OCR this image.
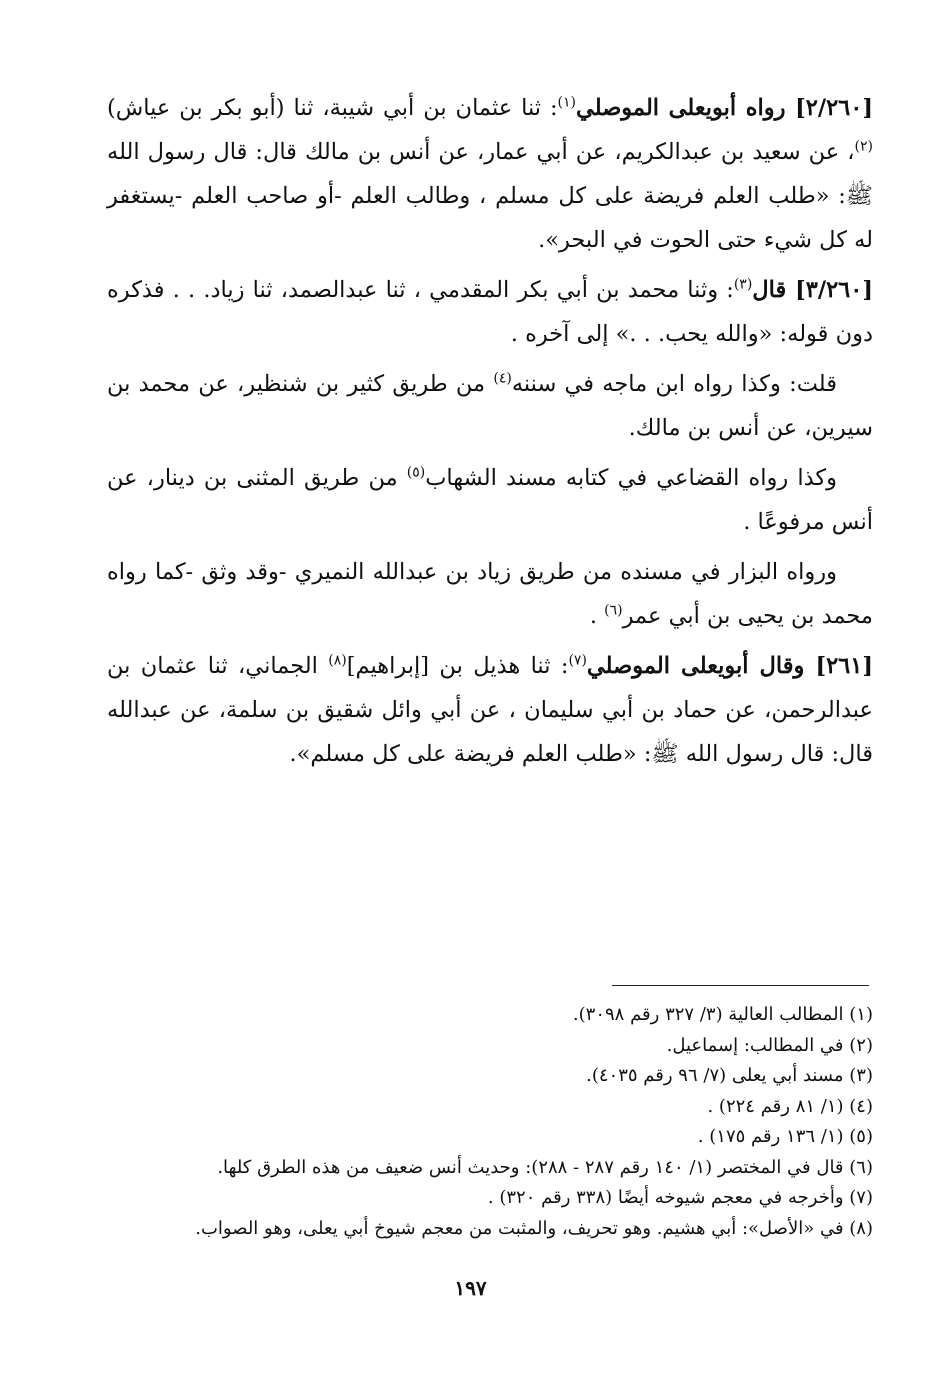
[٢/٢٦٠] رواه أبويعلى الموصلي$^{(١)}$: ثنا عثمان بن أبي شيبة، ثنا (أبو بكر بن عياش)$^{(٢)}$، عن سعيد بن عبدالكريم، عن أبي عمار، عن أنس بن مالك قال: قال رسول الله ﷺ: «طلب العلم فريضة على كل مسلم ، وطالب العلم -أو صاحب العلم -يستغفر له كل شيء حتى الحوت في البحر».

[٣/٢٦٠] قال$^{(٣)}$: وثنا محمد بن أبي بكر المقدمي ، ثنا عبدالصمد، ثنا زياد. . . فذكره دون قوله: «والله يحب. . .» إلى آخره .

قلت: وكذا رواه ابن ماجه في سننه$^{(٤)}$ من طريق كثير بن شنظير، عن محمد بن سيرين، عن أنس بن مالك.

وكذا رواه القضاعي في كتابه مسند الشهاب$^{(٥)}$ من طريق المثنى بن دينار، عن أنس مرفوعًا .

ورواه البزار في مسنده من طريق زياد بن عبدالله النميري -وقد وثق -كما رواه محمد بن يحيى بن أبي عمر$^{(٦)}$ .

[٢٦١] وقال أبويعلى الموصلي$^{(٧)}$: ثنا هذيل بن [إبراهيم]$^{(٨)}$ الجماني، ثنا عثمان بن عبدالرحمن، عن حماد بن أبي سليمان ، عن أبي وائل شقيق بن سلمة، عن عبدالله قال: قال رسول الله ﷺ: «طلب العلم فريضة على كل مسلم».

(١) المطالب العالية (٣/ ٣٢٧ رقم ٣٠٩٨).

(٢) في المطالب: إسماعيل.

(٣) مسند أبي يعلى (٧/ ٩٦ رقم ٤٠٣٥).

(٤) (١/ ٨١ رقم ٢٢٤) .

(٥) (١/ ١٣٦ رقم ١٧٥) .

(٦) قال في المختصر (١/ ١٤٠ رقم ٢٨٧ - ٢٨٨): وحديث أنس ضعيف من هذه الطرق كلها.

(٧) وأخرجه في معجم شيوخه أيضًا (٣٣٨ رقم ٣٢٠) .

(٨) في «الأصل»: أبي هشيم. وهو تحريف، والمثبت من معجم شيوخ أبي يعلى، وهو الصواب.

١٩٧
